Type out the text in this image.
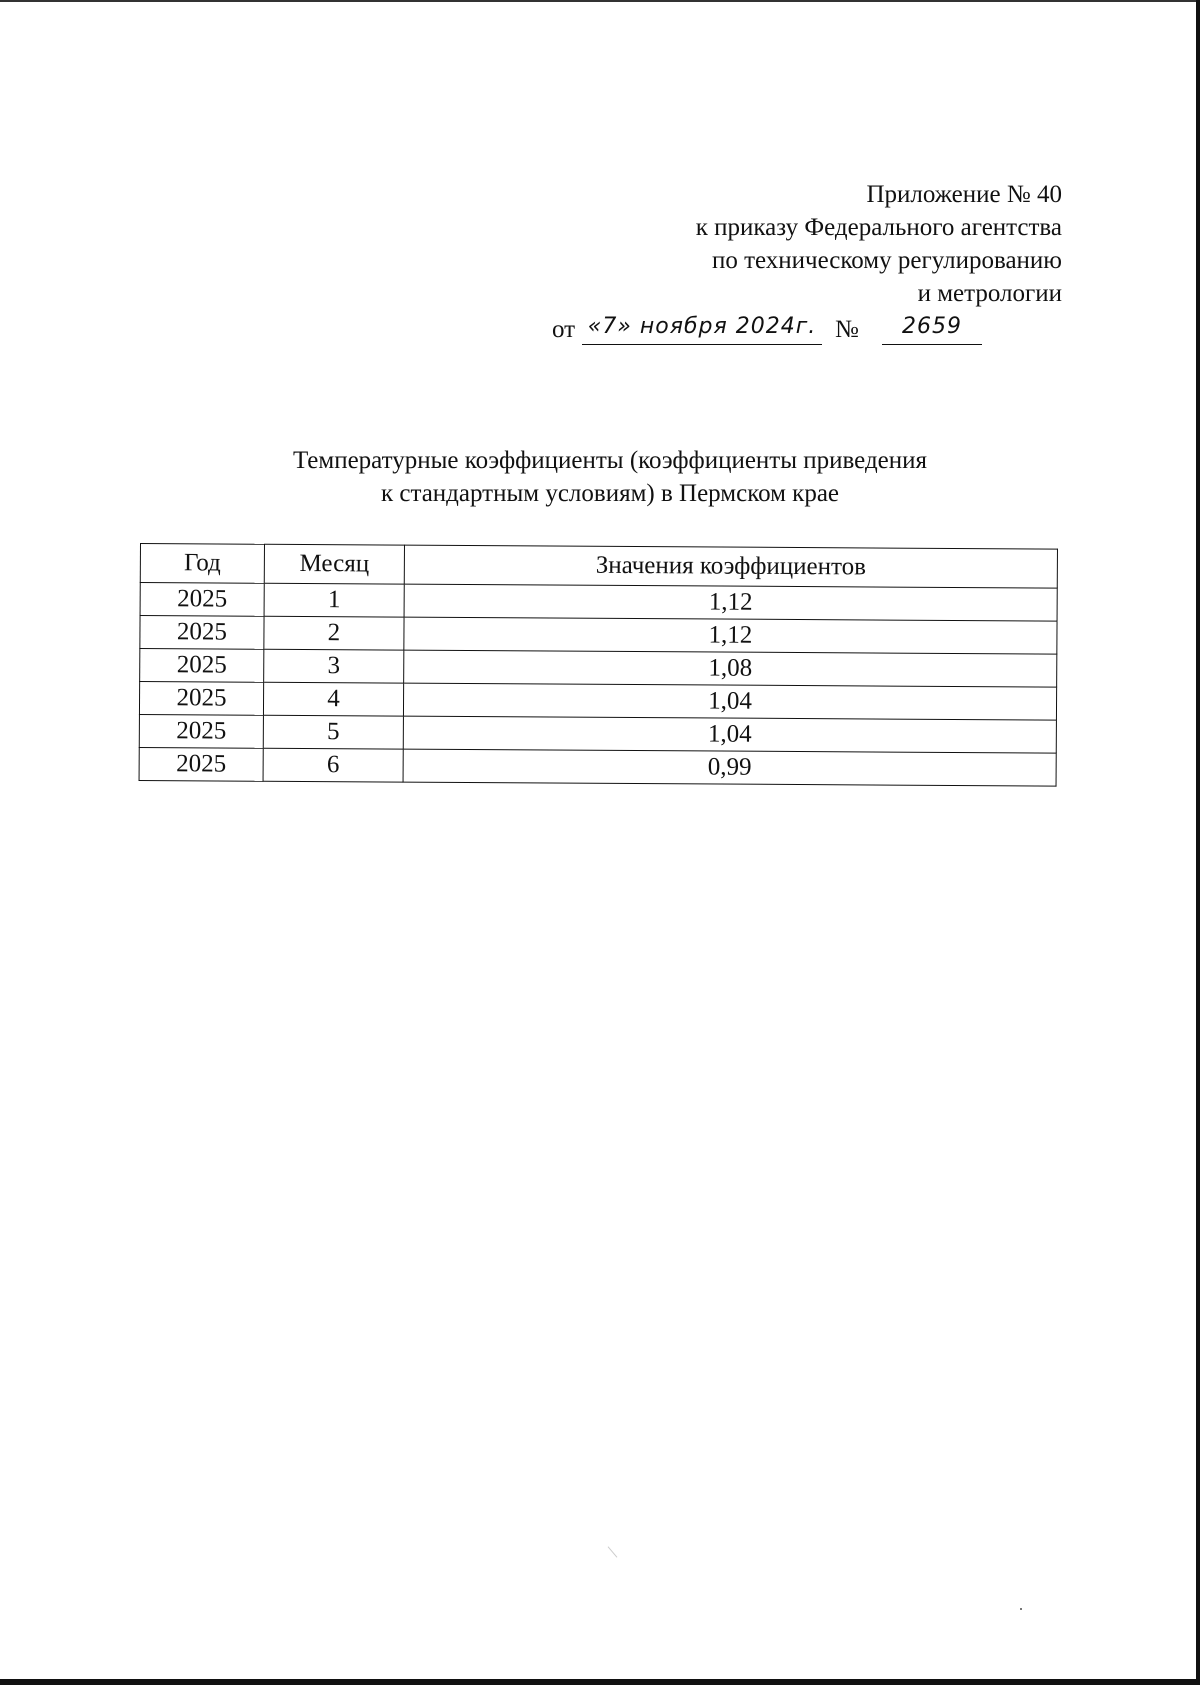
Приложение № 40
к приказу Федерального агентства
по техническому регулированию
и метрологии
от «7» ноября 2024г. №	2659
Температурные коэффициенты (коэффициенты приведения
к стандартным условиям) в Пермском крае
Год	Месяц	Значения коэффициентов
2025	1	1,12
2025	2	1,12
2025	3	1,08
2025	4	1,04
2025	5	1,04
2025	6	0,99
